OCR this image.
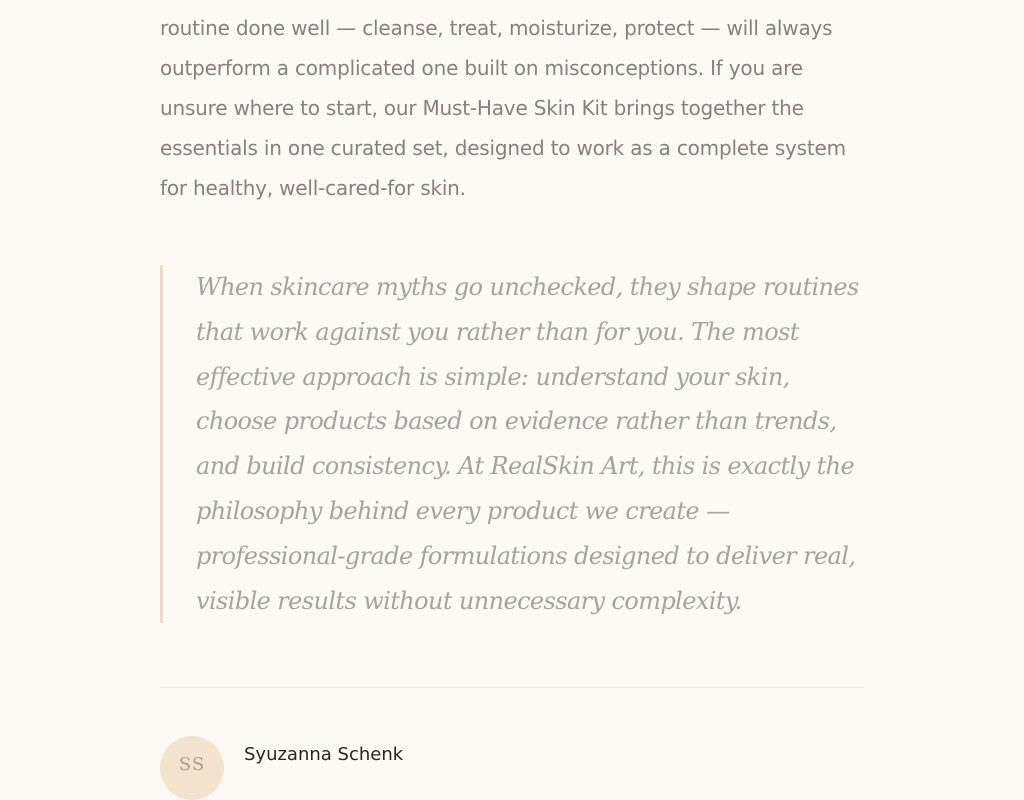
routine done well — cleanse, treat, moisturize, protect — will always outperform a complicated one built on misconceptions. If you are unsure where to start, our Must-Have Skin Kit brings together the essentials in one curated set, designed to work as a complete system for healthy, well-cared-for skin.

When skincare myths go unchecked, they shape routines that work against you rather than for you. The most effective approach is simple: understand your skin, choose products based on evidence rather than trends, and build consistency. At RealSkin Art, this is exactly the philosophy behind every product we create — professional-grade formulations designed to deliver real, visible results without unnecessary complexity.

SS Syuzanna Schenk
